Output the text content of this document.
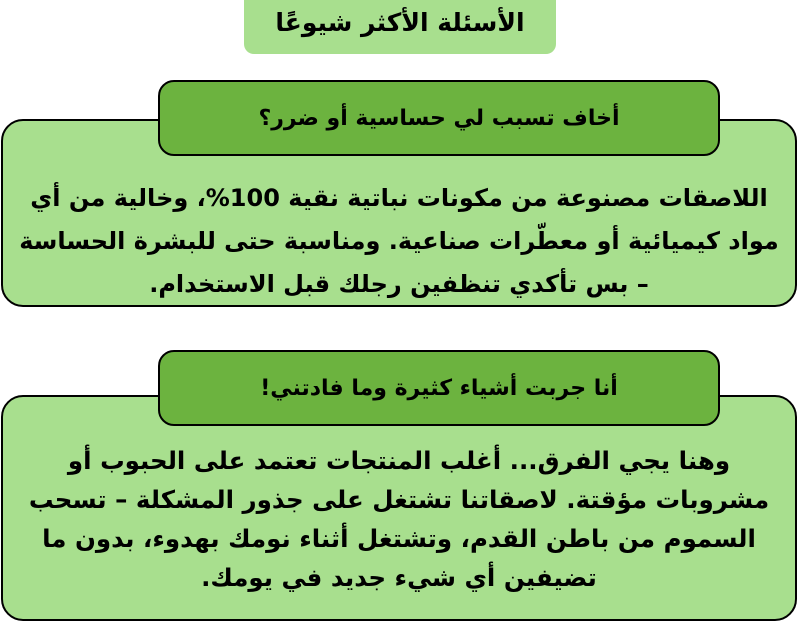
الأسئلة الأكثر شيوعًا
اللاصقات مصنوعة من مكونات نباتية نقية 100%، وخالية من أي مواد كيميائية أو معطّرات صناعية. ومناسبة حتى للبشرة الحساسة – بس تأكدي تنظفين رجلك قبل الاستخدام.
أخاف تسبب لي حساسية أو ضرر؟
وهنا يجي الفرق... أغلب المنتجات تعتمد على الحبوب أو مشروبات مؤقتة. لاصقاتنا تشتغل على جذور المشكلة – تسحب السموم من باطن القدم، وتشتغل أثناء نومك بهدوء، بدون ما تضيفين أي شيء جديد في يومك.
أنا جربت أشياء كثيرة وما فادتني!
